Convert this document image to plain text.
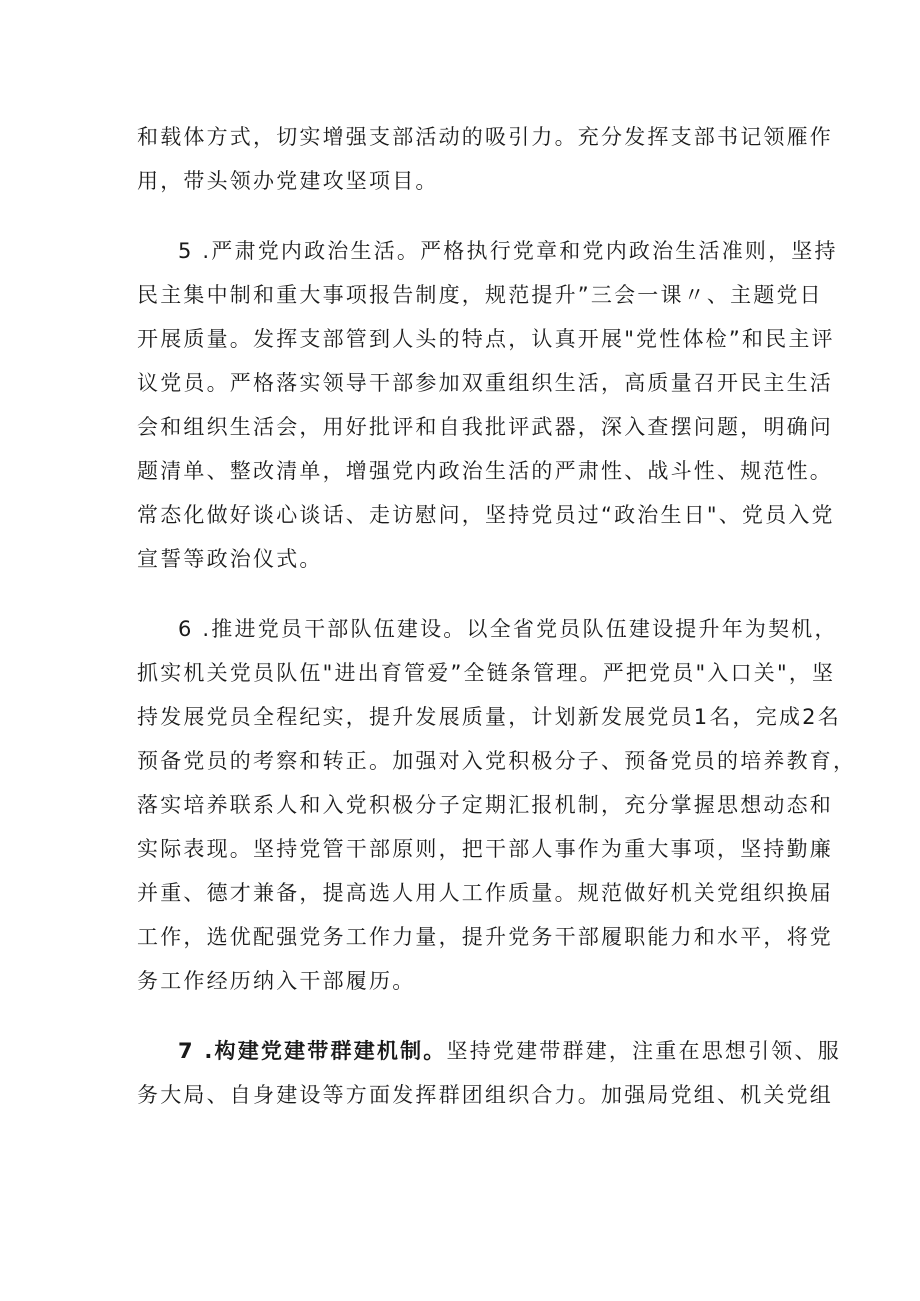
和载体方式，切实增强支部活动的吸引力。充分发挥支部书记领雁作
用，带头领办党建攻坚项目。
5 .严肃党内政治生活。严格执行党章和党内政治生活准则，坚持
民主集中制和重大事项报告制度，规范提升”三会一课〃、主题党日
开展质量。发挥支部管到人头的特点，认真开展"党性体检”和民主评
议党员。严格落实领导干部参加双重组织生活，高质量召开民主生活
会和组织生活会，用好批评和自我批评武器，深入查摆问题，明确问
题清单、整改清单，增强党内政治生活的严肃性、战斗性、规范性。
常态化做好谈心谈话、走访慰问，坚持党员过“政治生日"、党员入党
宣誓等政治仪式。
6 .推进党员干部队伍建设。以全省党员队伍建设提升年为契机，
抓实机关党员队伍"进出育管爱”全链条管理。严把党员"入口关"，坚
持发展党员全程纪实，提升发展质量，计划新发展党员1名，完成2名
预备党员的考察和转正。加强对入党积极分子、预备党员的培养教育，
落实培养联系人和入党积极分子定期汇报机制，充分掌握思想动态和
实际表现。坚持党管干部原则，把干部人事作为重大事项，坚持勤廉
并重、德才兼备，提高选人用人工作质量。规范做好机关党组织换届
工作，选优配强党务工作力量，提升党务干部履职能力和水平，将党
务工作经历纳入干部履历。
7 .构建党建带群建机制。坚持党建带群建，注重在思想引领、服
务大局、自身建设等方面发挥群团组织合力。加强局党组、机关党组
